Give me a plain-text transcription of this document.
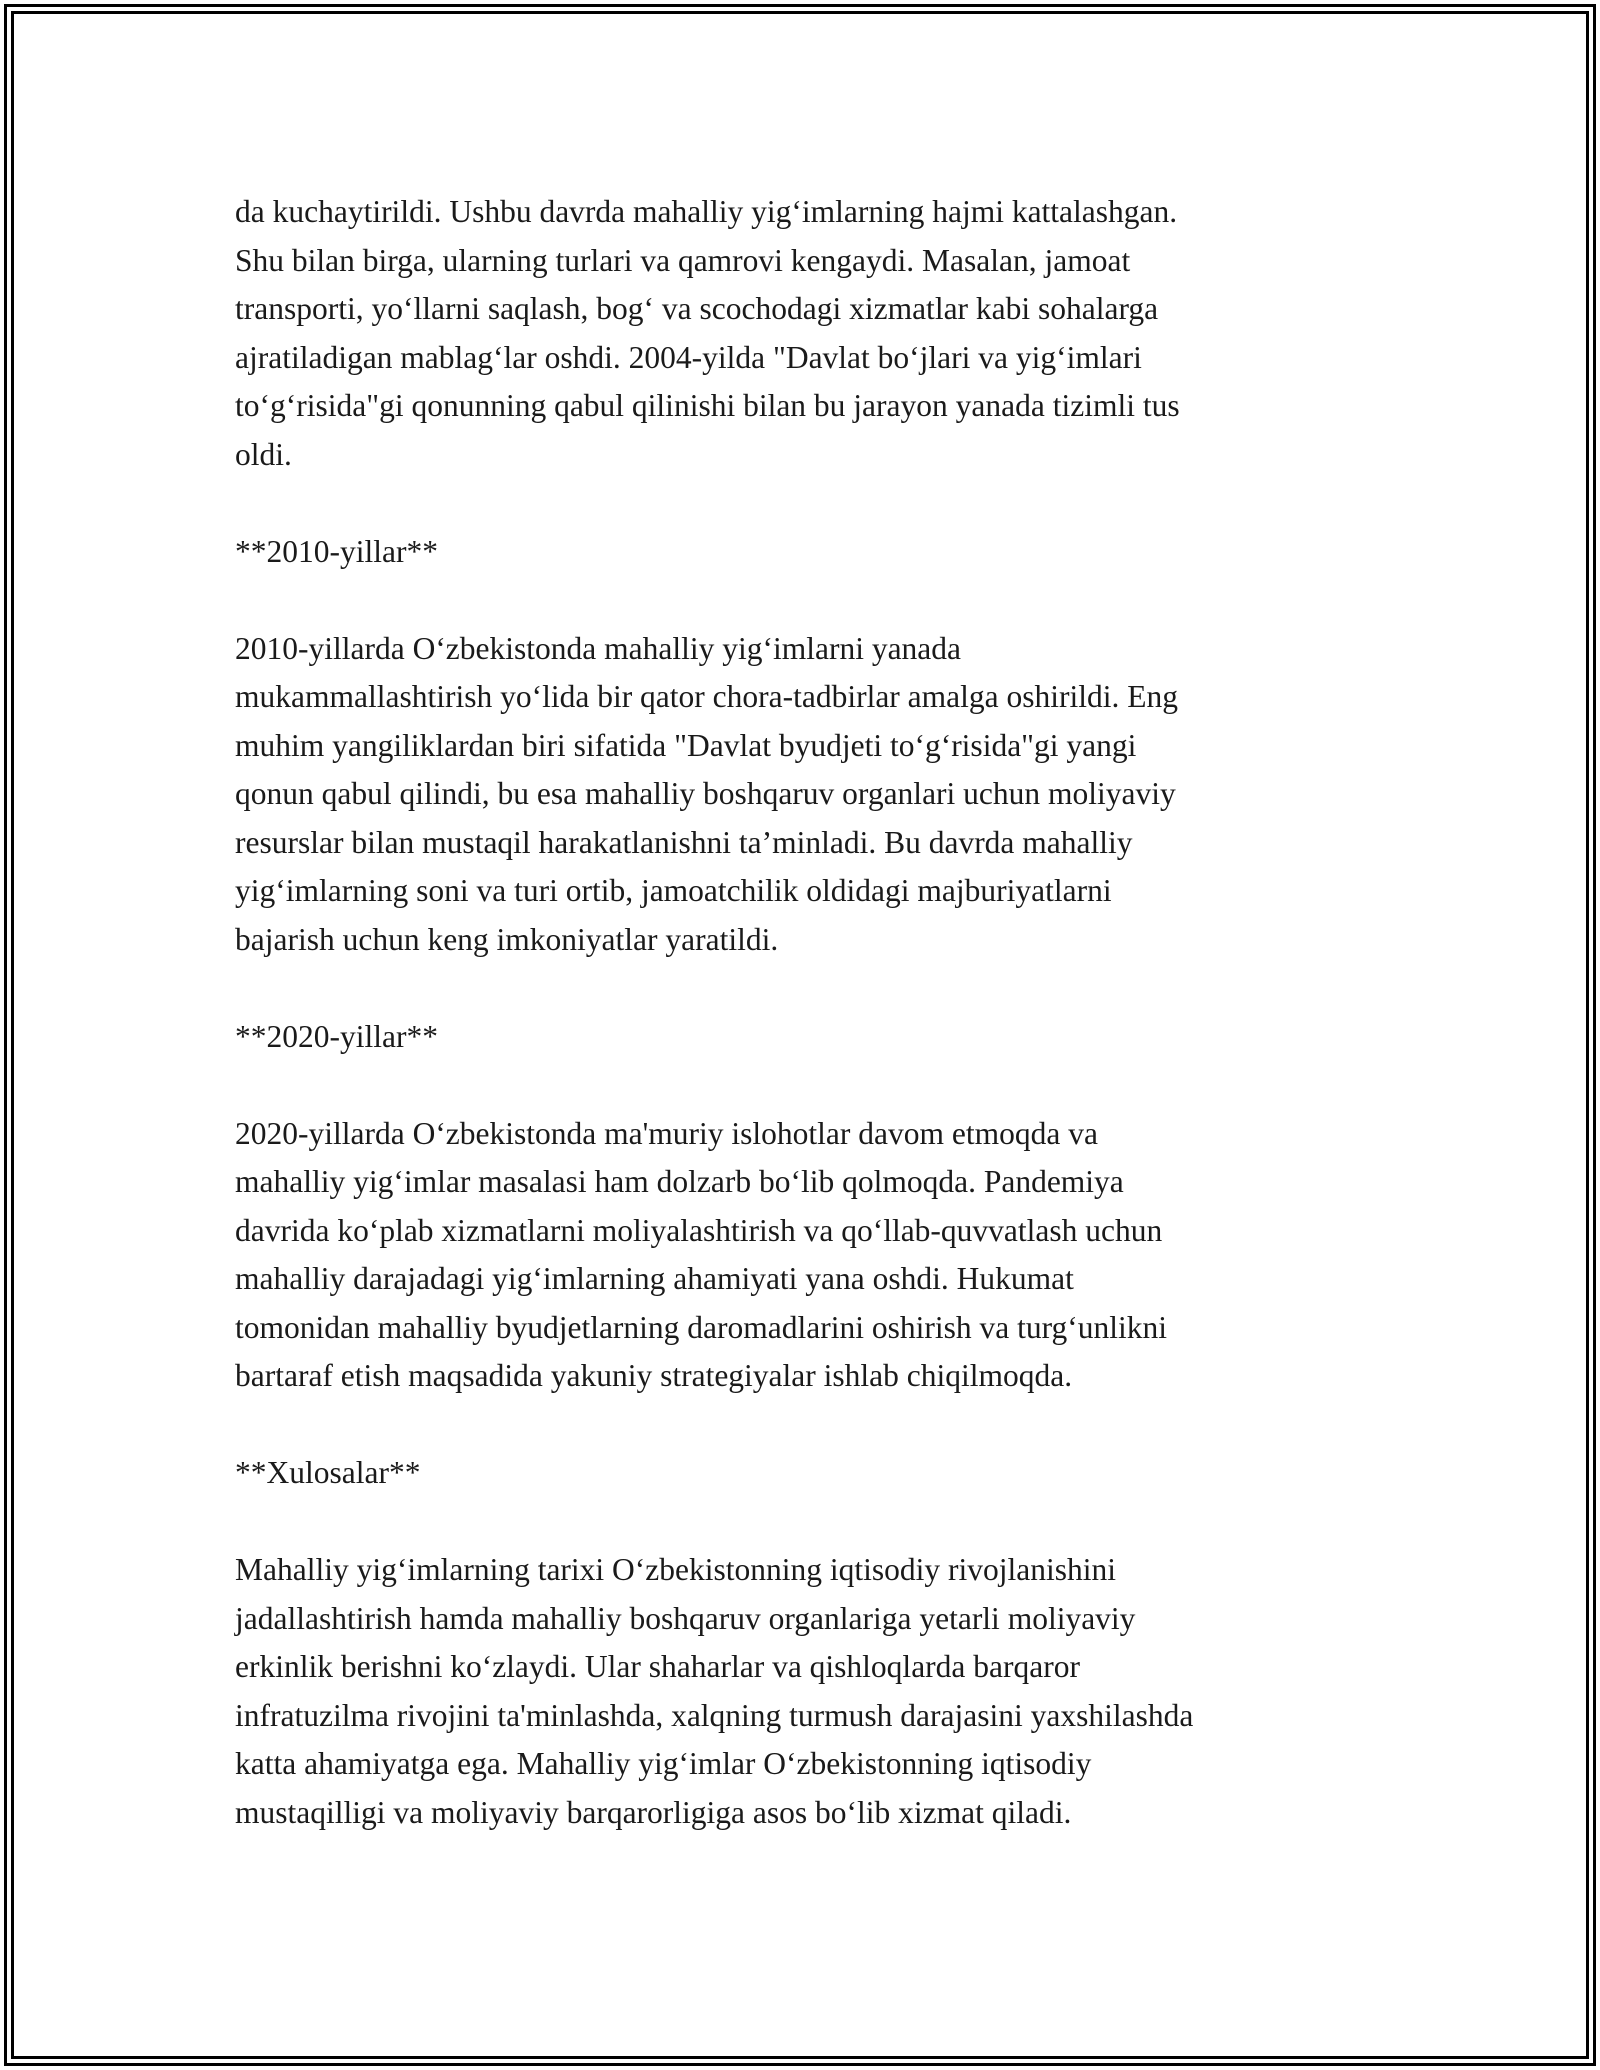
da kuchaytirildi. Ushbu davrda mahalliy yig‘imlarning hajmi kattalashgan.
Shu bilan birga, ularning turlari va qamrovi kengaydi. Masalan, jamoat
transporti, yo‘llarni saqlash, bog‘ va scochodagi xizmatlar kabi sohalarga
ajratiladigan mablag‘lar oshdi. 2004-yilda "Davlat bo‘jlari va yig‘imlari
to‘g‘risida"gi qonunning qabul qilinishi bilan bu jarayon yanada tizimli tus
oldi.

**2010-yillar**

2010-yillarda O‘zbekistonda mahalliy yig‘imlarni yanada
mukammallashtirish yo‘lida bir qator chora-tadbirlar amalga oshirildi. Eng
muhim yangiliklardan biri sifatida "Davlat byudjeti to‘g‘risida"gi yangi
qonun qabul qilindi, bu esa mahalliy boshqaruv organlari uchun moliyaviy
resurslar bilan mustaqil harakatlanishni ta’minladi. Bu davrda mahalliy
yig‘imlarning soni va turi ortib, jamoatchilik oldidagi majburiyatlarni
bajarish uchun keng imkoniyatlar yaratildi.

**2020-yillar**

2020-yillarda O‘zbekistonda ma'muriy islohotlar davom etmoqda va
mahalliy yig‘imlar masalasi ham dolzarb bo‘lib qolmoqda. Pandemiya
davrida ko‘plab xizmatlarni moliyalashtirish va qo‘llab-quvvatlash uchun
mahalliy darajadagi yig‘imlarning ahamiyati yana oshdi. Hukumat
tomonidan mahalliy byudjetlarning daromadlarini oshirish va turg‘unlikni
bartaraf etish maqsadida yakuniy strategiyalar ishlab chiqilmoqda.

**Xulosalar**

Mahalliy yig‘imlarning tarixi O‘zbekistonning iqtisodiy rivojlanishini
jadallashtirish hamda mahalliy boshqaruv organlariga yetarli moliyaviy
erkinlik berishni ko‘zlaydi. Ular shaharlar va qishloqlarda barqaror
infratuzilma rivojini ta'minlashda, xalqning turmush darajasini yaxshilashda
katta ahamiyatga ega. Mahalliy yig‘imlar O‘zbekistonning iqtisodiy
mustaqilligi va moliyaviy barqarorligiga asos bo‘lib xizmat qiladi.
